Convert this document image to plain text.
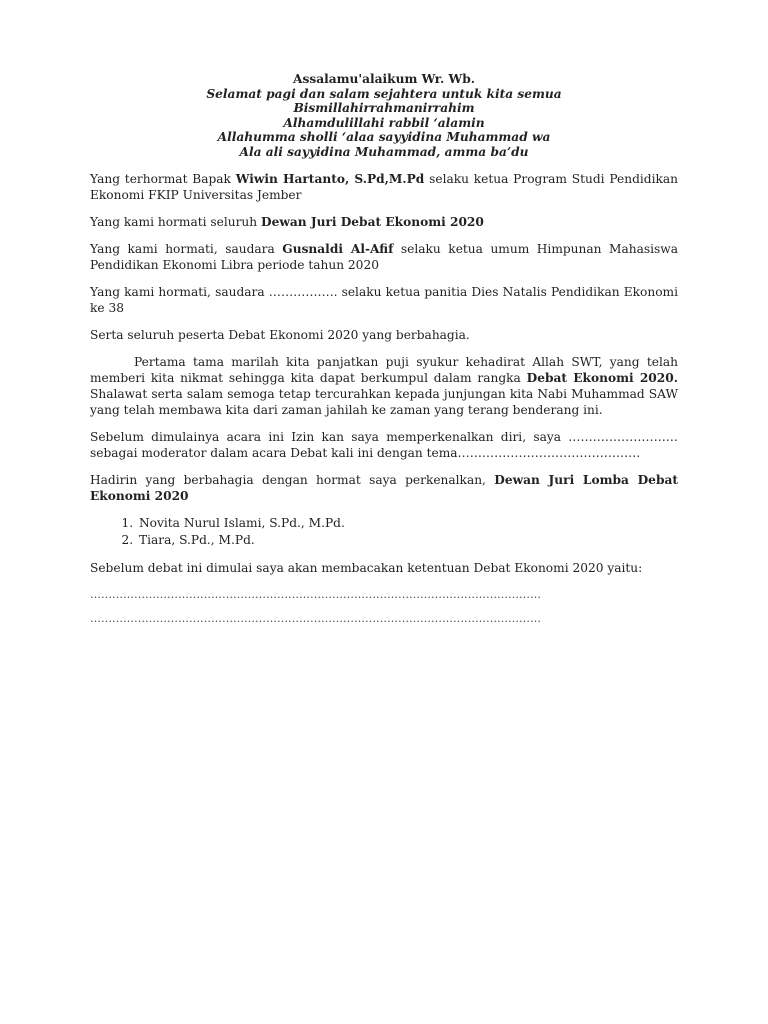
Assalamu'alaikum Wr. Wb.
Selamat pagi dan salam sejahtera untuk kita semua
Bismillahirrahmanirrahim
Alhamdulillahi rabbil ‘alamin
Allahumma sholli ‘alaa sayyidina Muhammad wa
Ala ali sayyidina Muhammad, amma ba’du

Yang terhormat Bapak Wiwin Hartanto, S.Pd,M.Pd selaku ketua Program Studi Pendidikan Ekonomi FKIP Universitas Jember

Yang kami hormati seluruh Dewan Juri Debat Ekonomi 2020

Yang kami hormati, saudara Gusnaldi Al-Afif selaku ketua umum Himpunan Mahasiswa Pendidikan Ekonomi Libra periode tahun 2020

Yang kami hormati, saudara …………….. selaku ketua panitia Dies Natalis Pendidikan Ekonomi ke 38

Serta seluruh peserta Debat Ekonomi 2020 yang berbahagia.

Pertama tama marilah kita panjatkan puji syukur kehadirat Allah SWT, yang telah memberi kita nikmat sehingga kita dapat berkumpul dalam rangka Debat Ekonomi 2020. Shalawat serta salam semoga tetap tercurahkan kepada junjungan kita Nabi Muhammad SAW yang telah membawa kita dari zaman jahilah ke zaman yang terang benderang ini.

Sebelum dimulainya acara ini Izin kan saya memperkenalkan diri, saya ……………………… sebagai moderator dalam acara Debat kali ini dengan tema………………………………………

Hadirin yang berbahagia dengan hormat saya perkenalkan, Dewan Juri Lomba Debat Ekonomi 2020

1. Novita Nurul Islami, S.Pd., M.Pd.
2. Tiara, S.Pd., M.Pd.

Sebelum debat ini dimulai saya akan membacakan ketentuan Debat Ekonomi 2020 yaitu:

……………………………………………………………………………………………………………
……………………………………………………………………………………………………………
